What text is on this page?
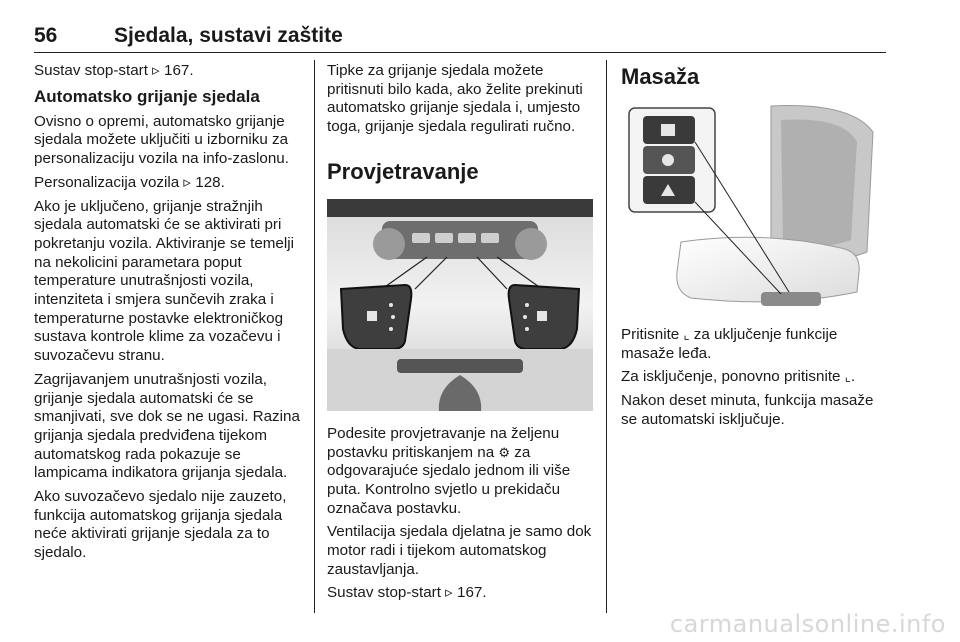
56	Sjedala, sustavi zaštite

Sustav stop-start ▹ 167.

Automatsko grijanje sjedala

Ovisno o opremi, automatsko grijanje sjedala možete uključiti u izborniku za personalizaciju vozila na info-zaslonu.

Personalizacija vozila ▹ 128.

Ako je uključeno, grijanje stražnjih sjedala automatski će se aktivirati pri pokretanju vozila. Aktiviranje se temelji na nekolicini parametara poput temperature unutrašnjosti vozila, intenziteta i smjera sunčevih zraka i temperaturne postavke elektroničkog sustava kontrole klime za vozačevu i suvozačevu stranu.

Zagrijavanjem unutrašnjosti vozila, grijanje sjedala automatski će se smanjivati, sve dok se ne ugasi. Razina grijanja sjedala predviđena tijekom automatskog rada pokazuje se lampicama indikatora grijanja sjedala.

Ako suvozačevo sjedalo nije zauzeto, funkcija automatskog grijanja sjedala neće aktivirati grijanje sjedala za to sjedalo.

Tipke za grijanje sjedala možete pritisnuti bilo kada, ako želite prekinuti automatsko grijanje sjedala i, umjesto toga, grijanje sjedala regulirati ručno.

Provjetravanje

Podesite provjetravanje na željenu postavku pritiskanjem na ⚙ za odgovarajuće sjedalo jednom ili više puta. Kontrolno svjetlo u prekidaču označava postavku.

Ventilacija sjedala djelatna je samo dok motor radi i tijekom automatskog zaustavljanja.

Sustav stop-start ▹ 167.

Masaža

Pritisnite ⌞ za uključenje funkcije masaže leđa.

Za isključenje, ponovno pritisnite ⌞.

Nakon deset minuta, funkcija masaže se automatski isključuje.

carmanualsonline.info
